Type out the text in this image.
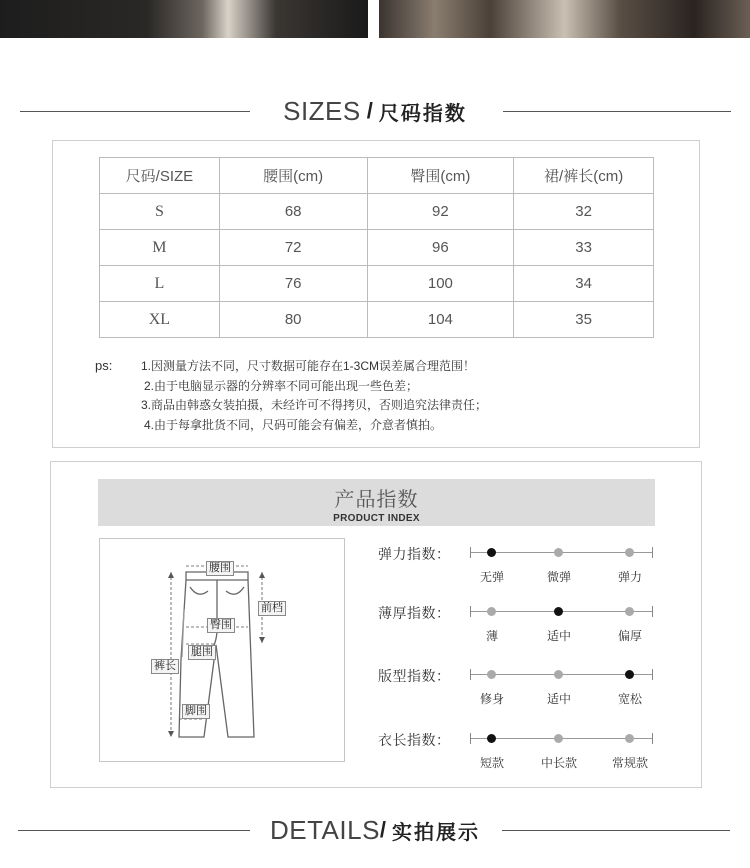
SIZES / 尺码指数
尺码/SIZE	腰围(cm)	臀围(cm)	裙/裤长(cm)
S	68	92	32
M	72	96	33
L	76	100	34
XL	80	104	35
ps: 1.因测量方法不同，尺寸数据可能存在1-3CM误差属合理范围！
2.由于电脑显示器的分辨率不同可能出现一些色差；
3.商品由韩惑女装拍摄，未经许可不得拷贝，否则追究法律责任；
4.由于每拿批货不同，尺码可能会有偏差，介意者慎拍。
产品指数
PRODUCT INDEX
腰围
前档
臀围
腿围
裤长
脚围
弹力指数：
无弹	微弹	弹力
薄厚指数：
薄	适中	偏厚
版型指数：
修身	适中	宽松
衣长指数：
短款	中长款	常规款
DETAILS / 实拍展示
